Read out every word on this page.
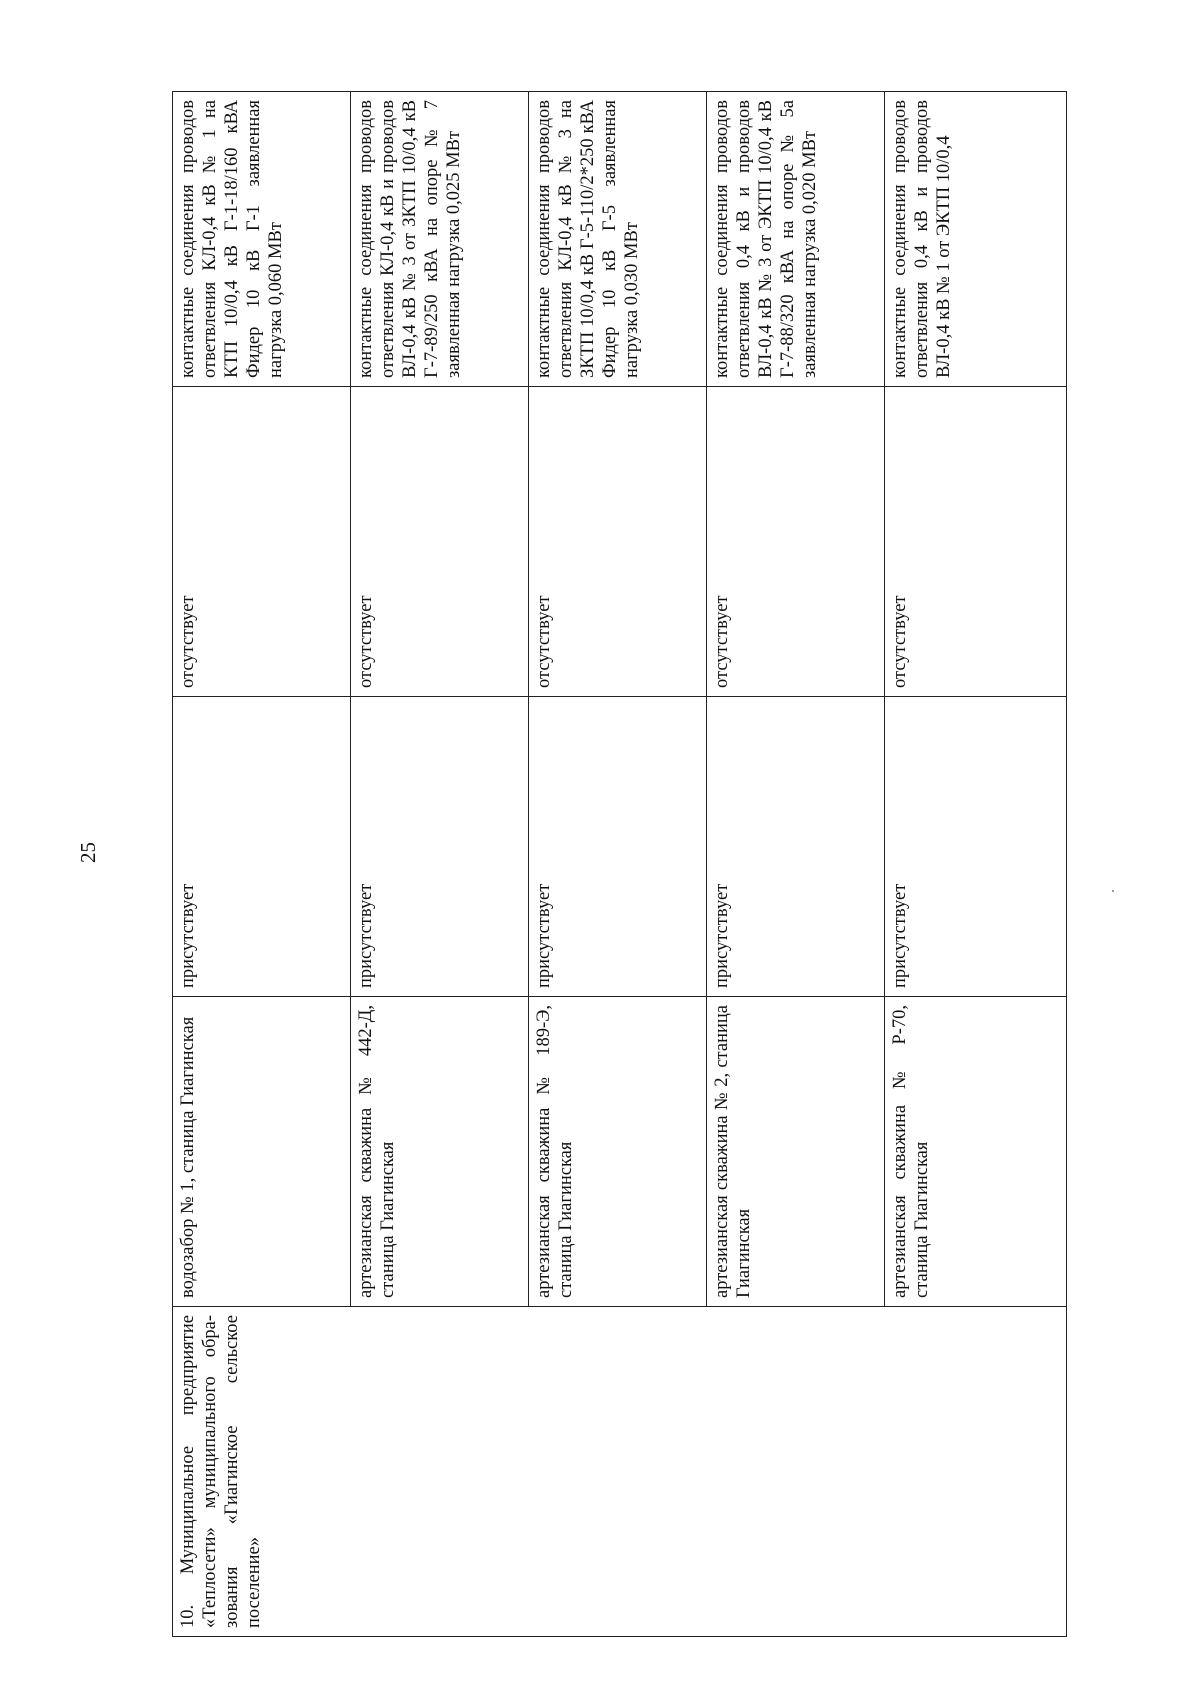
25
10. Муниципальное предприятие «Теплосети» муниципального обра-зования «Гиагинское сельское поселение»	водозабор № 1, станица Гиагинская	присутствует	отсутствует	контактные соединения проводов ответвления КЛ-0,4 кВ № 1 на КТП 10/0,4 кВ Г-1-18/160 кВА Фидер 10 кВ Г-1 заявленная нагрузка 0,060 МВт

	артезианская скважина № 442-Д, станица Гиагинская	присутствует	отсутствует	контактные соединения проводов ответвления КЛ-0,4 кВ и проводов ВЛ-0,4 кВ № 3 от ЗКТП 10/0,4 кВ Г-7-89/250 кВА на опоре № 7 заявленная нагрузка 0,025 МВт

	артезианская скважина № 189-Э, станица Гиагинская	присутствует	отсутствует	контактные соединения проводов ответвления КЛ-0,4 кВ № 3 на ЗКТП 10/0,4 кВ Г-5-110/2*250 кВА Фидер 10 кВ Г-5 заявленная нагрузка 0,030 МВт

	артезианская скважина № 2, станица Гиагинская	присутствует	отсутствует	контактные соединения проводов ответвления 0,4 кВ и проводов ВЛ-0,4 кВ № 3 от ЭКТП 10/0,4 кВ Г-7-88/320 кВА на опоре № 5а заявленная нагрузка 0,020 МВт

	артезианская скважина № Р-70, станица Гиагинская	присутствует	отсутствует	контактные соединения проводов ответвления 0,4 кВ и проводов ВЛ-0,4 кВ № 1 от ЭКТП 10/0,4
